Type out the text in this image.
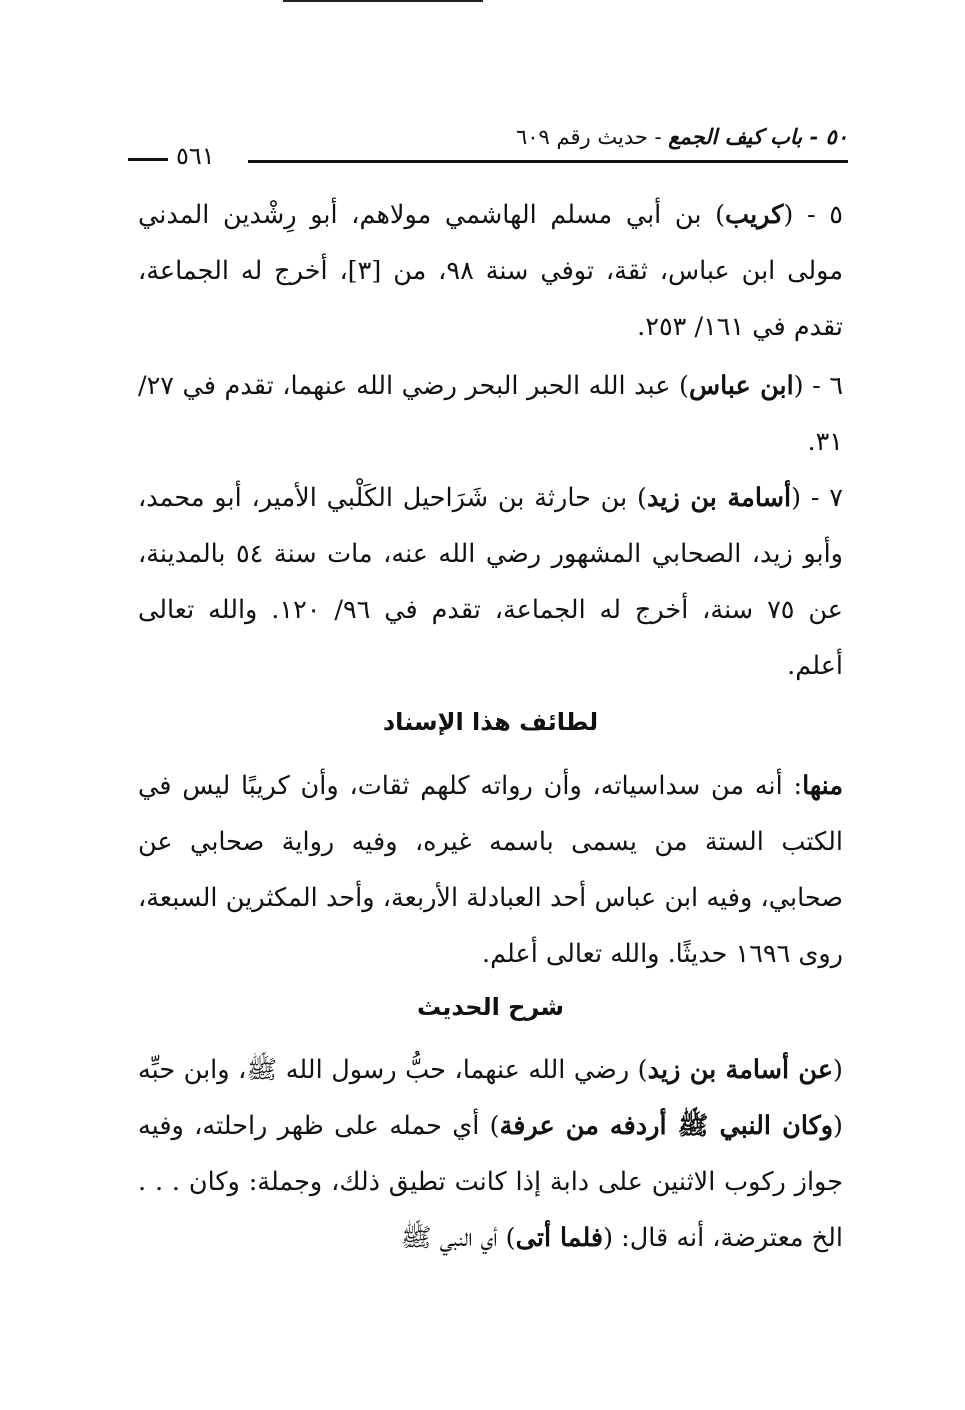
٥٠ - باب كيف الجمع - حديث رقم ٦٠٩
٥٦١
٥ - (كريب) بن أبي مسلم الهاشمي مولاهم، أبو رِشْدين المدني مولى ابن عباس، ثقة، توفي سنة ٩٨، من [٣]، أخرج له الجماعة، تقدم في ١٦١/ ٢٥٣.
٦ - (ابن عباس) عبد الله الحبر البحر رضي الله عنهما، تقدم في ٢٧/ ٣١.
٧ - (أسامة بن زيد) بن حارثة بن شَرَاحيل الكَلْبي الأمير، أبو محمد، وأبو زيد، الصحابي المشهور رضي الله عنه، مات سنة ٥٤ بالمدينة، عن ٧٥ سنة، أخرج له الجماعة، تقدم في ٩٦/ ١٢٠. والله تعالى أعلم.
لطائف هذا الإسناد
منها: أنه من سداسياته، وأن رواته كلهم ثقات، وأن كريبًا ليس في الكتب الستة من يسمى باسمه غيره، وفيه رواية صحابي عن صحابي، وفيه ابن عباس أحد العبادلة الأربعة، وأحد المكثرين السبعة، روى ١٦٩٦ حديثًا. والله تعالى أعلم.
شرح الحديث
(عن أسامة بن زيد) رضي الله عنهما، حبُّ رسول الله ﷺ، وابن حبِّه (وكان النبي ﷺ أردفه من عرفة) أي حمله على ظهر راحلته، وفيه جواز ركوب الاثنين على دابة إذا كانت تطيق ذلك، وجملة: وكان . . . الخ معترضة، أنه قال: (فلما أتى) أي النبي ﷺ
